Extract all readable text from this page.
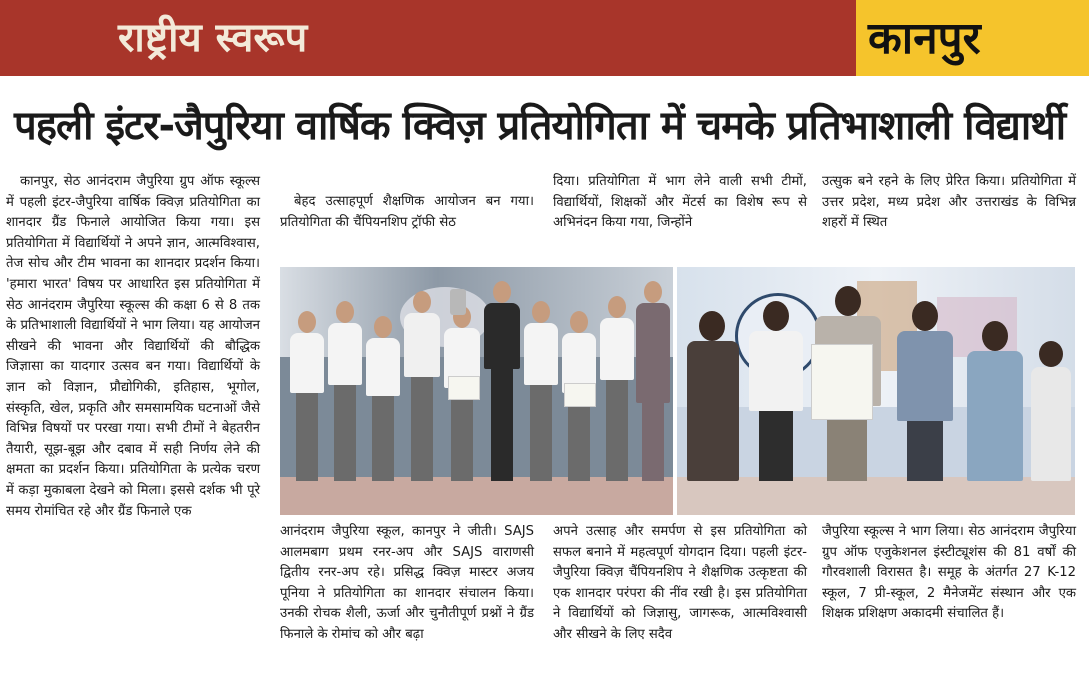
राष्ट्रीय स्वरूप	कानपुर
पहली इंटर-जैपुरिया वार्षिक क्विज़ प्रतियोगिता में चमके प्रतिभाशाली विद्यार्थी

कानपुर, सेठ आनंदराम जैपुरिया ग्रुप ऑफ स्कूल्स में पहली इंटर-जैपुरिया वार्षिक क्विज़ प्रतियोगिता का शानदार ग्रैंड फिनाले आयोजित किया गया। इस प्रतियोगिता में विद्यार्थियों ने अपने ज्ञान, आत्मविश्वास, तेज सोच और टीम भावना का शानदार प्रदर्शन किया। 'हमारा भारत' विषय पर आधारित इस प्रतियोगिता में सेठ आनंदराम जैपुरिया स्कूल्स की कक्षा 6 से 8 तक के प्रतिभाशाली विद्यार्थियों ने भाग लिया। यह आयोजन सीखने की भावना और विद्यार्थियों की बौद्धिक जिज्ञासा का यादगार उत्सव बन गया। विद्यार्थियों के ज्ञान को विज्ञान, प्रौद्योगिकी, इतिहास, भूगोल, संस्कृति, खेल, प्रकृति और समसामयिक घटनाओं जैसे विभिन्न विषयों पर परखा गया। सभी टीमों ने बेहतरीन तैयारी, सूझ-बूझ और दबाव में सही निर्णय लेने की क्षमता का प्रदर्शन किया। प्रतियोगिता के प्रत्येक चरण में कड़ा मुकाबला देखने को मिला। इससे दर्शक भी पूरे समय रोमांचित रहे और ग्रैंड फिनाले एक

बेहद उत्साहपूर्ण शैक्षणिक आयोजन बन गया। प्रतियोगिता की चैंपियनशिप ट्रॉफी सेठ

दिया। प्रतियोगिता में भाग लेने वाली सभी टीमों, विद्यार्थियों, शिक्षकों और मेंटर्स का विशेष रूप से अभिनंदन किया गया, जिन्होंने

उत्सुक बने रहने के लिए प्रेरित किया। प्रतियोगिता में उत्तर प्रदेश, मध्य प्रदेश और उत्तराखंड के विभिन्न शहरों में स्थित

आनंदराम जैपुरिया स्कूल, कानपुर ने जीती। SAJS आलमबाग प्रथम रनर-अप और SAJS वाराणसी द्वितीय रनर-अप रहे। प्रसिद्ध क्विज़ मास्टर अजय पूनिया ने प्रतियोगिता का शानदार संचालन किया। उनकी रोचक शैली, ऊर्जा और चुनौतीपूर्ण प्रश्नों ने ग्रैंड फिनाले के रोमांच को और बढ़ा

अपने उत्साह और समर्पण से इस प्रतियोगिता को सफल बनाने में महत्वपूर्ण योगदान दिया। पहली इंटर-जैपुरिया क्विज़ चैंपियनशिप ने शैक्षणिक उत्कृष्टता की एक शानदार परंपरा की नींव रखी है। इस प्रतियोगिता ने विद्यार्थियों को जिज्ञासु, जागरूक, आत्मविश्वासी और सीखने के लिए सदैव

जैपुरिया स्कूल्स ने भाग लिया। सेठ आनंदराम जैपुरिया ग्रुप ऑफ एजुकेशनल इंस्टीट्यूशंस की 81 वर्षों की गौरवशाली विरासत है। समूह के अंतर्गत 27 K-12 स्कूल, 7 प्री-स्कूल, 2 मैनेजमेंट संस्थान और एक शिक्षक प्रशिक्षण अकादमी संचालित हैं।
